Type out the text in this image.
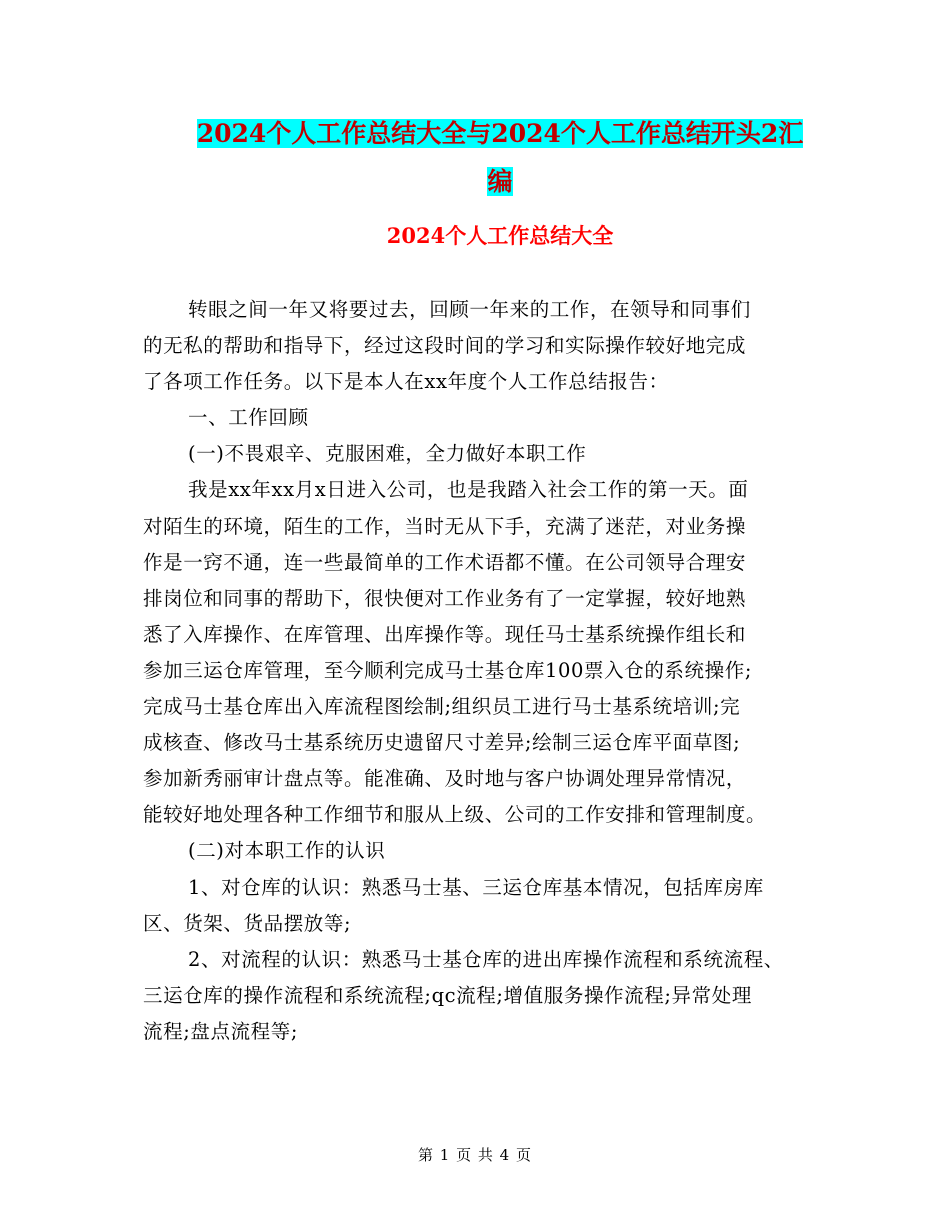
2024个人工作总结大全与2024个人工作总结开头2汇
编
2024个人工作总结大全
转眼之间一年又将要过去，回顾一年来的工作，在领导和同事们
的无私的帮助和指导下，经过这段时间的学习和实际操作较好地完成
了各项工作任务。以下是本人在xx年度个人工作总结报告：
一、工作回顾
(一)不畏艰辛、克服困难，全力做好本职工作
我是xx年xx月x日进入公司，也是我踏入社会工作的第一天。面
对陌生的环境，陌生的工作，当时无从下手，充满了迷茫，对业务操
作是一窍不通，连一些最简单的工作术语都不懂。在公司领导合理安
排岗位和同事的帮助下，很快便对工作业务有了一定掌握，较好地熟
悉了入库操作、在库管理、出库操作等。现任马士基系统操作组长和
参加三运仓库管理，至今顺利完成马士基仓库100票入仓的系统操作;
完成马士基仓库出入库流程图绘制;组织员工进行马士基系统培训;完
成核查、修改马士基系统历史遗留尺寸差异;绘制三运仓库平面草图;
参加新秀丽审计盘点等。能准确、及时地与客户协调处理异常情况，
能较好地处理各种工作细节和服从上级、公司的工作安排和管理制度。
(二)对本职工作的认识
1、对仓库的认识：熟悉马士基、三运仓库基本情况，包括库房库
区、货架、货品摆放等;
2、对流程的认识：熟悉马士基仓库的进出库操作流程和系统流程、
三运仓库的操作流程和系统流程;qc流程;增值服务操作流程;异常处理
流程;盘点流程等;
第 1 页 共 4 页
